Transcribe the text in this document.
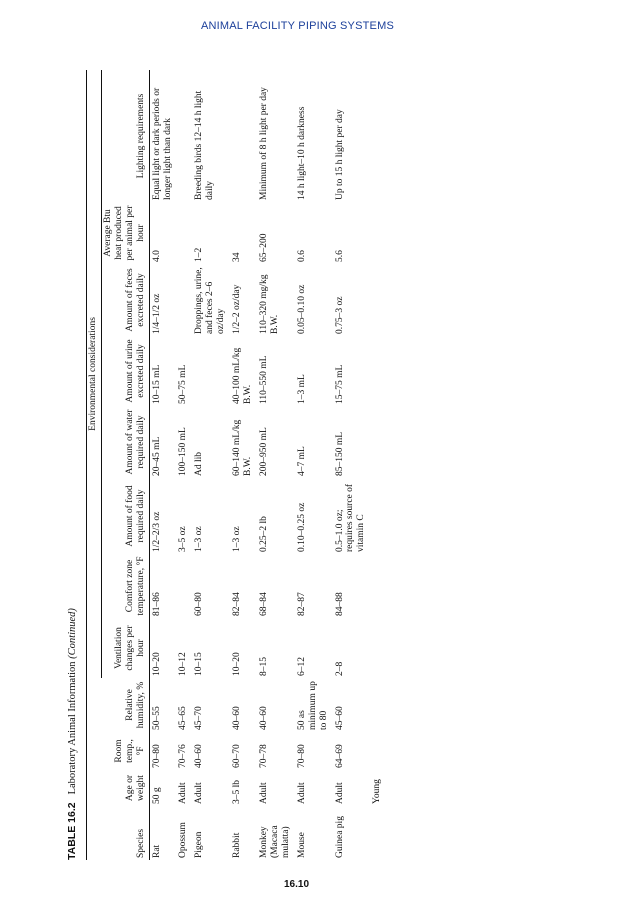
ANIMAL FACILITY PIPING SYSTEMS
TABLE 16.2Laboratory Animal Information (Continued)
				Environmental considerations							
Species	Age or weight	Room temp., °F	Relative humidity, %	Ventilation changes per hour	Comfort zone temperature, °F	Amount of food required daily	Amount of water required daily	Amount of urine excreted daily	Amount of feces excreted daily	Average Btu heat produced per animal per hour	Lighting requirements
Rat	50 g	70–80	50–55	10–20	81–86	1/2–2/3 oz	20–45 mL	10–15 mL	1/4–1/2 oz	4.0	Equal light or dark periods or longer light than dark
Opossum	Adult	70–76	45–65	10–12		3–5 oz	100–150 mL	50–75 mL			
Pigeon	Adult	40–60	45–70	10–15	60–80	1–3 oz	Ad lib		Droppings, urine, and feces 2–6 oz/day	1–2	Breeding birds 12–14 h light daily
Rabbit	3–5 lb	60–70	40–60	10–20	82–84	1–3 oz	60–140 mL/kg B.W.	40–100 mL/kg B.W.	1/2–2 oz/day	34	
Monkey (Macaca mulatta)	Adult	70–78	40–60	8–15	68–84	0.25–2 lb	200–950 mL	110–550 mL	110–320 mg/kg B.W.	65–200	Minimum of 8 h light per day
Mouse	Adult	70–80	50 as minimum up to 80	6–12	82–87	0.10–0.25 oz	4–7 mL	1–3 mL	0.05–0.10 oz	0.6	14 h light–10 h darkness
Guinea pig	Adult	64–69	45–60	2–8	84–88	0.5–1.0 oz; requires source of vitamin C	85–150 mL	15–75 mL	0.75–3 oz	5.6	Up to 15 h light per day
	Young										
16.10
